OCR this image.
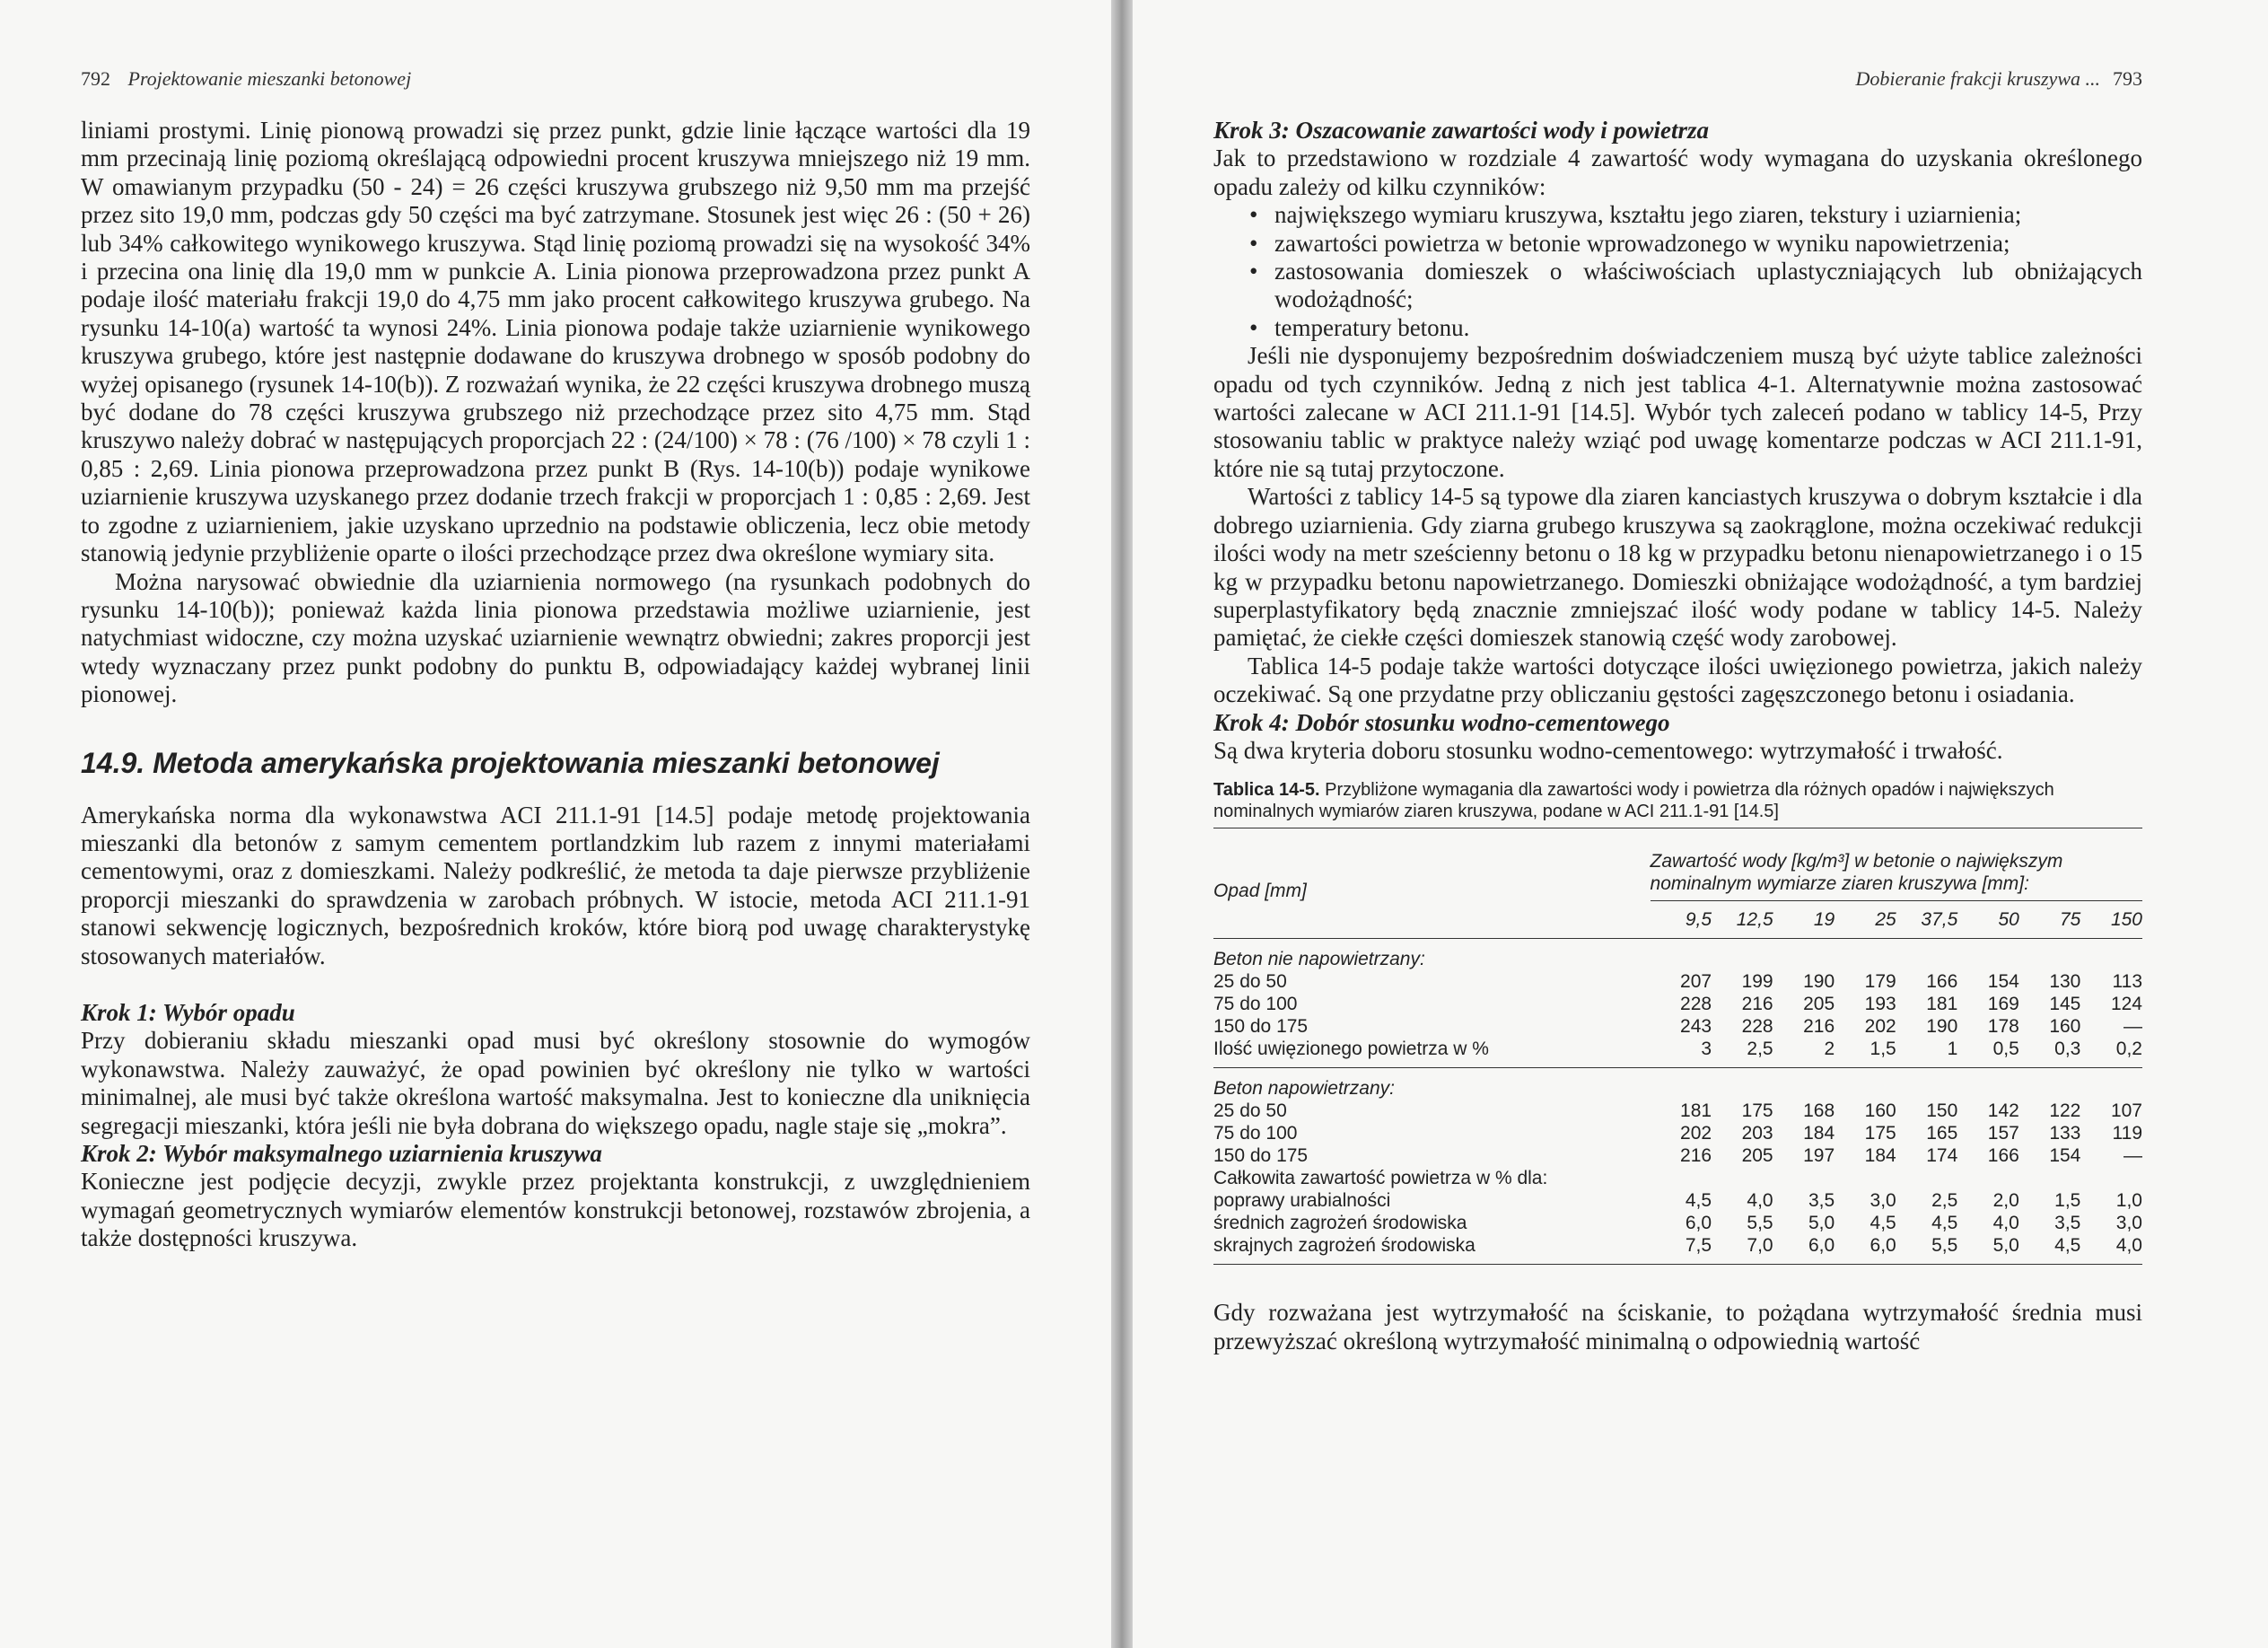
792 Projektowanie mieszanki betonowej

liniami prostymi. Linię pionową prowadzi się przez punkt, gdzie linie łączące wartości dla 19 mm przecinają linię poziomą określającą odpowiedni procent kruszywa mniejszego niż 19 mm. W omawianym przypadku (50 - 24) = 26 części kruszywa grubszego niż 9,50 mm ma przejść przez sito 19,0 mm, podczas gdy 50 części ma być zatrzymane. Stosunek jest więc 26 : (50 + 26) lub 34% całkowitego wynikowego kruszywa. Stąd linię poziomą prowadzi się na wysokość 34% i przecina ona linię dla 19,0 mm w punkcie A. Linia pionowa przeprowadzona przez punkt A podaje ilość materiału frakcji 19,0 do 4,75 mm jako procent całkowitego kruszywa grubego. Na rysunku 14-10(a) wartość ta wynosi 24%. Linia pionowa podaje także uziarnienie wynikowego kruszywa grubego, które jest następnie dodawane do kruszywa drobnego w sposób podobny do wyżej opisanego (rysunek 14-10(b)). Z rozważań wynika, że 22 części kruszywa drobnego muszą być dodane do 78 części kruszywa grubszego niż przechodzące przez sito 4,75 mm. Stąd kruszywo należy dobrać w następujących proporcjach 22 : (24/100) × 78 : (76 /100) × 78 czyli 1 : 0,85 : 2,69. Linia pionowa przeprowadzona przez punkt B (Rys. 14-10(b)) podaje wynikowe uziarnienie kruszywa uzyskanego przez dodanie trzech frakcji w proporcjach 1 : 0,85 : 2,69. Jest to zgodne z uziarnieniem, jakie uzyskano uprzednio na podstawie obliczenia, lecz obie metody stanowią jedynie przybliżenie oparte o ilości przechodzące przez dwa określone wymiary sita.

Można narysować obwiednie dla uziarnienia normowego (na rysunkach podobnych do rysunku 14-10(b)); ponieważ każda linia pionowa przedstawia możliwe uziarnienie, jest natychmiast widoczne, czy można uzyskać uziarnienie wewnątrz obwiedni; zakres proporcji jest wtedy wyznaczany przez punkt podobny do punktu B, odpowiadający każdej wybranej linii pionowej.

14.9. Metoda amerykańska projektowania mieszanki betonowej

Amerykańska norma dla wykonawstwa ACI 211.1-91 [14.5] podaje metodę projektowania mieszanki dla betonów z samym cementem portlandzkim lub razem z innymi materiałami cementowymi, oraz z domieszkami. Należy podkreślić, że metoda ta daje pierwsze przybliżenie proporcji mieszanki do sprawdzenia w zarobach próbnych. W istocie, metoda ACI 211.1-91 stanowi sekwencję logicznych, bezpośrednich kroków, które biorą pod uwagę charakterystykę stosowanych materiałów.

Krok 1: Wybór opadu

Przy dobieraniu składu mieszanki opad musi być określony stosownie do wymogów wykonawstwa. Należy zauważyć, że opad powinien być określony nie tylko w wartości minimalnej, ale musi być także określona wartość maksymalna. Jest to konieczne dla uniknięcia segregacji mieszanki, która jeśli nie była dobrana do większego opadu, nagle staje się „mokra”.

Krok 2: Wybór maksymalnego uziarnienia kruszywa

Konieczne jest podjęcie decyzji, zwykle przez projektanta konstrukcji, z uwzględnieniem wymagań geometrycznych wymiarów elementów konstrukcji betonowej, rozstawów zbrojenia, a także dostępności kruszywa.

Dobieranie frakcji kruszywa ... 793
Krok 3: Oszacowanie zawartości wody i powietrza

Jak to przedstawiono w rozdziale 4 zawartość wody wymagana do uzyskania określonego opadu zależy od kilku czynników:

• największego wymiaru kruszywa, kształtu jego ziaren, tekstury i uziarnienia;
• zawartości powietrza w betonie wprowadzonego w wyniku napowietrzenia;
• zastosowania domieszek o właściwościach uplastyczniających lub obniżających wodożądność;
• temperatury betonu.

Jeśli nie dysponujemy bezpośrednim doświadczeniem muszą być użyte tablice zależności opadu od tych czynników. Jedną z nich jest tablica 4-1. Alternatywnie można zastosować wartości zalecane w ACI 211.1-91 [14.5]. Wybór tych zaleceń podano w tablicy 14-5, Przy stosowaniu tablic w praktyce należy wziąć pod uwagę komentarze podczas w ACI 211.1-91, które nie są tutaj przytoczone.

Wartości z tablicy 14-5 są typowe dla ziaren kanciastych kruszywa o dobrym kształcie i dla dobrego uziarnienia. Gdy ziarna grubego kruszywa są zaokrąglone, można oczekiwać redukcji ilości wody na metr sześcienny betonu o 18 kg w przypadku betonu nienapowietrzanego i o 15 kg w przypadku betonu napowietrzanego. Domieszki obniżające wodożądność, a tym bardziej superplastyfikatory będą znacznie zmniejszać ilość wody podane w tablicy 14-5. Należy pamiętać, że ciekłe części domieszek stanowią część wody zarobowej.

Tablica 14-5 podaje także wartości dotyczące ilości uwięzionego powietrza, jakich należy oczekiwać. Są one przydatne przy obliczaniu gęstości zagęszczonego betonu i osiadania.

Krok 4: Dobór stosunku wodno-cementowego

Są dwa kryteria doboru stosunku wodno-cementowego: wytrzymałość i trwałość.

Tablica 14-5. Przybliżone wymagania dla zawartości wody i powietrza dla różnych opadów i największych nominalnych wymiarów ziaren kruszywa, podane w ACI 211.1-91 [14.5]
Opad [mm]	Zawartość wody [kg/m³] w betonie o największym nominalnym wymiarze ziaren kruszywa [mm]:							
	9,5	12,5	19	25	37,5	50	75	150

Beton nie napowietrzany:								
25 do 50	207	199	190	179	166	154	130	113
75 do 100	228	216	205	193	181	169	145	124
150 do 175	243	228	216	202	190	178	160	—
Ilość uwięzionego powietrza w %	3	2,5	2	1,5	1	0,5	0,3	0,2

Beton napowietrzany:								
25 do 50	181	175	168	160	150	142	122	107
75 do 100	202	203	184	175	165	157	133	119
150 do 175	216	205	197	184	174	166	154	—
Całkowita zawartość powietrza w % dla:								
poprawy urabialności	4,5	4,0	3,5	3,0	2,5	2,0	1,5	1,0
średnich zagrożeń środowiska	6,0	5,5	5,0	4,5	4,5	4,0	3,5	3,0
skrajnych zagrożeń środowiska	7,5	7,0	6,0	6,0	5,5	5,0	4,5	4,0

Gdy rozważana jest wytrzymałość na ściskanie, to pożądana wytrzymałość średnia musi przewyższać określoną wytrzymałość minimalną o odpowiednią wartość
